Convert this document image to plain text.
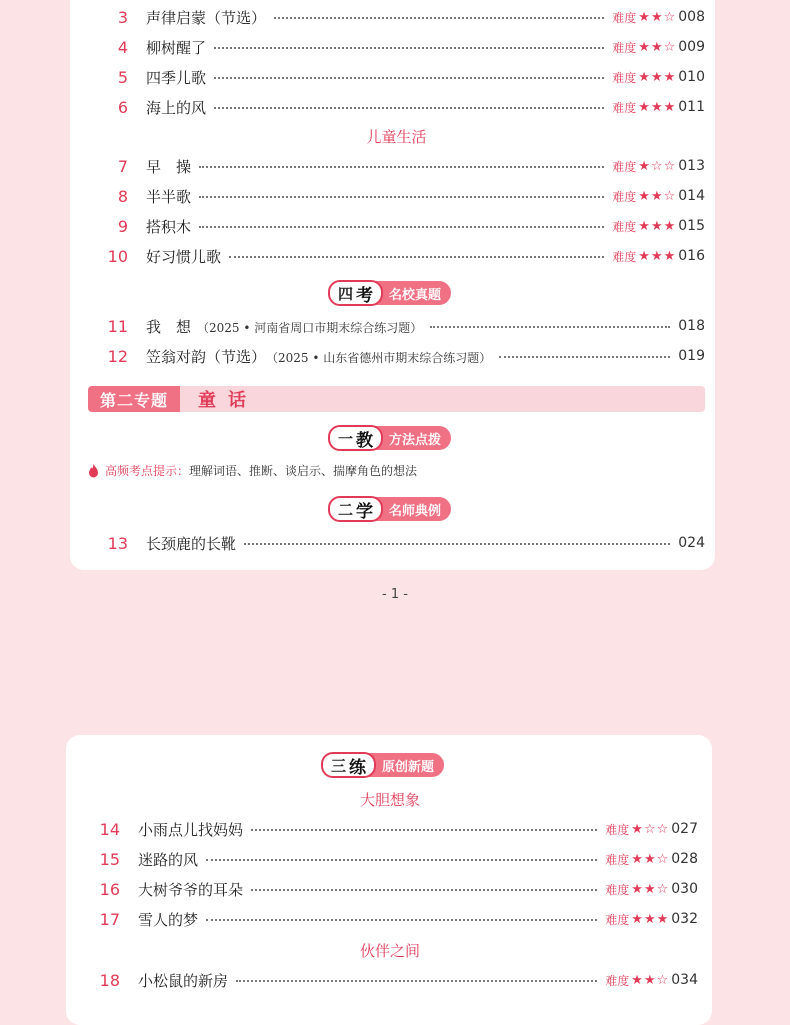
3 声律启蒙（节选）	难度 ★★☆ 008
4 柳树醒了	难度 ★★☆ 009
5 四季儿歌	难度 ★★★ 010
6 海上的风	难度 ★★★ 011
儿童生活
7 早　操	难度 ★☆☆ 013
8 半半歌	难度 ★★☆ 014
9 搭积木	难度 ★★★ 015
10 好习惯儿歌	难度 ★★★ 016
四 考	名校真题
11 我　想 （2025 • 河南省周口市期末综合练习题）	018
12 笠翁对韵（节选） （2025 • 山东省德州市期末综合练习题）	019
第二专题	童话
一 教	方法点拨
高频考点提示： 理解词语、推断、谈启示、揣摩角色的想法
二 学	名师典例
13 长颈鹿的长靴	024
- 1 -
三 练	原创新题
大胆想象
14 小雨点儿找妈妈	难度 ★☆☆ 027
15 迷路的风	难度 ★★☆ 028
16 大树爷爷的耳朵	难度 ★★☆ 030
17 雪人的梦	难度 ★★★ 032
伙伴之间
18 小松鼠的新房	难度 ★★☆ 034
